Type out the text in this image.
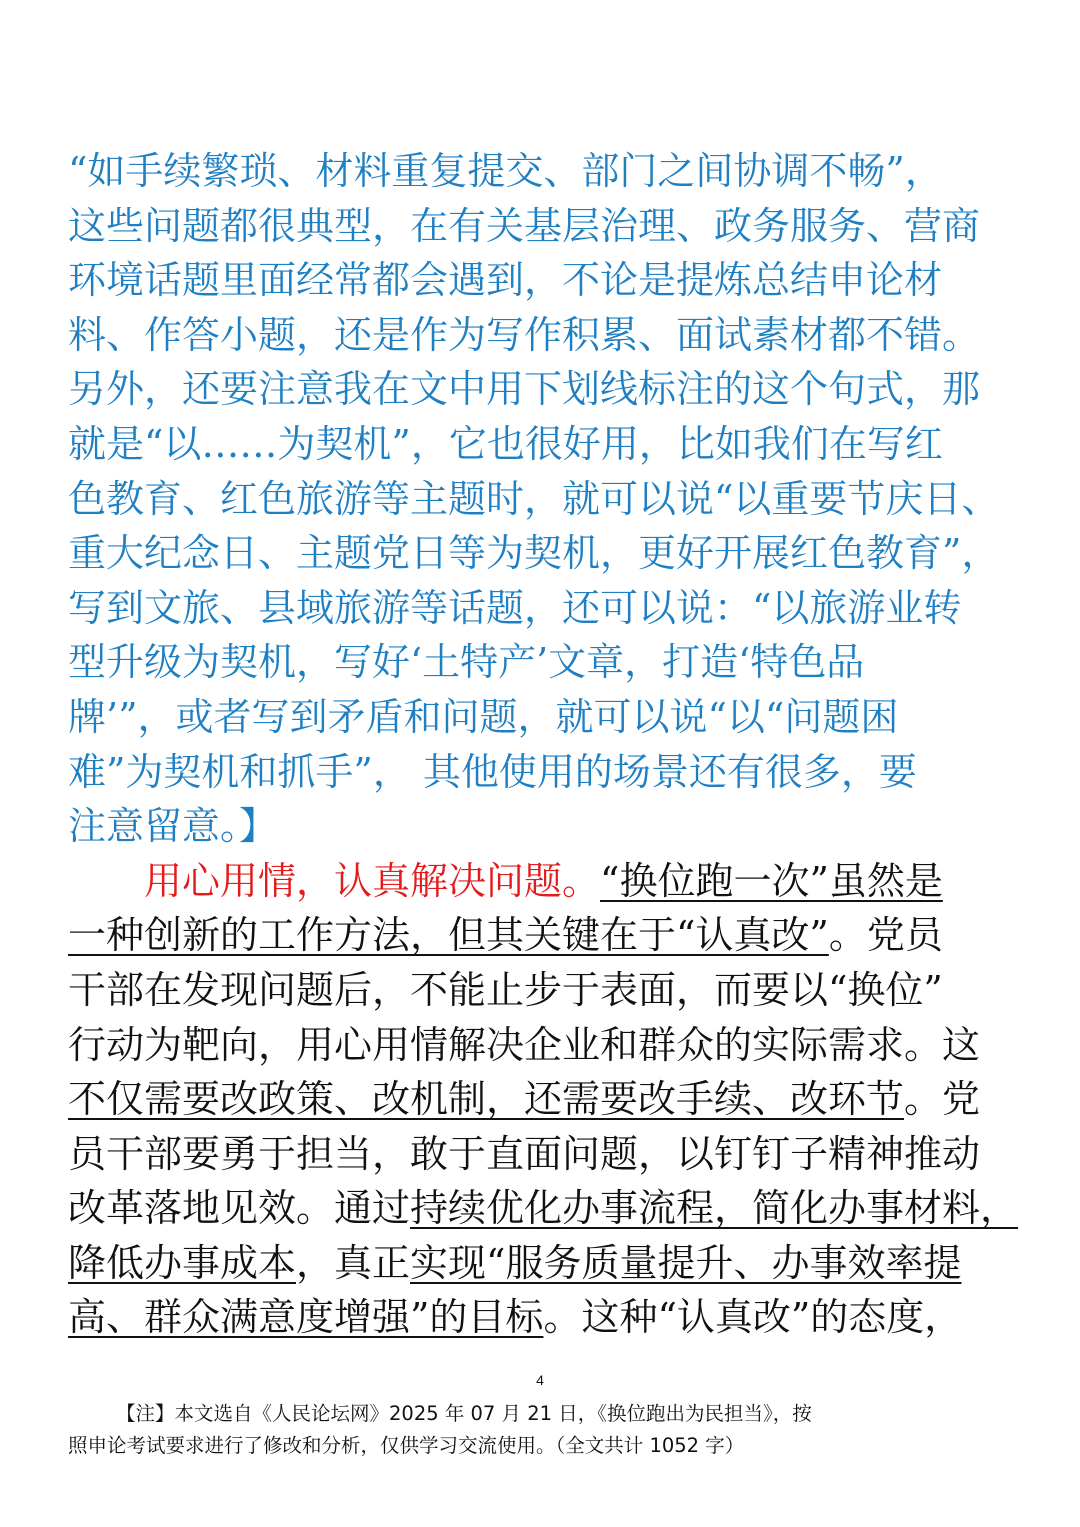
“如手续繁琐、材料重复提交、部门之间协调不畅”，
这些问题都很典型，在有关基层治理、政务服务、营商
环境话题里面经常都会遇到，不论是提炼总结申论材
料、作答小题，还是作为写作积累、面试素材都不错。
另外，还要注意我在文中用下划线标注的这个句式，那
就是“以……为契机”，它也很好用，比如我们在写红
色教育、红色旅游等主题时，就可以说“以重要节庆日、
重大纪念日、主题党日等为契机，更好开展红色教育”，
写到文旅、县域旅游等话题，还可以说：“以旅游业转
型升级为契机，写好‘土特产’文章，打造‘特色品
牌’”，或者写到矛盾和问题，就可以说“以“问题困
难”为契机和抓手”， 其他使用的场景还有很多，要
注意留意。】
用心用情，认真解决问题。“换位跑一次”虽然是
一种创新的工作方法，但其关键在于“认真改”。党员
干部在发现问题后，不能止步于表面，而要以“换位”
行动为靶向，用心用情解决企业和群众的实际需求。这
不仅需要改政策、改机制，还需要改手续、改环节。党
员干部要勇于担当，敢于直面问题，以钉钉子精神推动
改革落地见效。通过持续优化办事流程，简化办事材料，
降低办事成本，真正实现“服务质量提升、办事效率提
高、群众满意度增强”的目标。这种“认真改”的态度，
4
【注】本文选自《人民论坛网》2025 年 07 月 21 日，《换位跑出为民担当》，按
照申论考试要求进行了修改和分析，仅供学习交流使用。（全文共计 1052 字）
